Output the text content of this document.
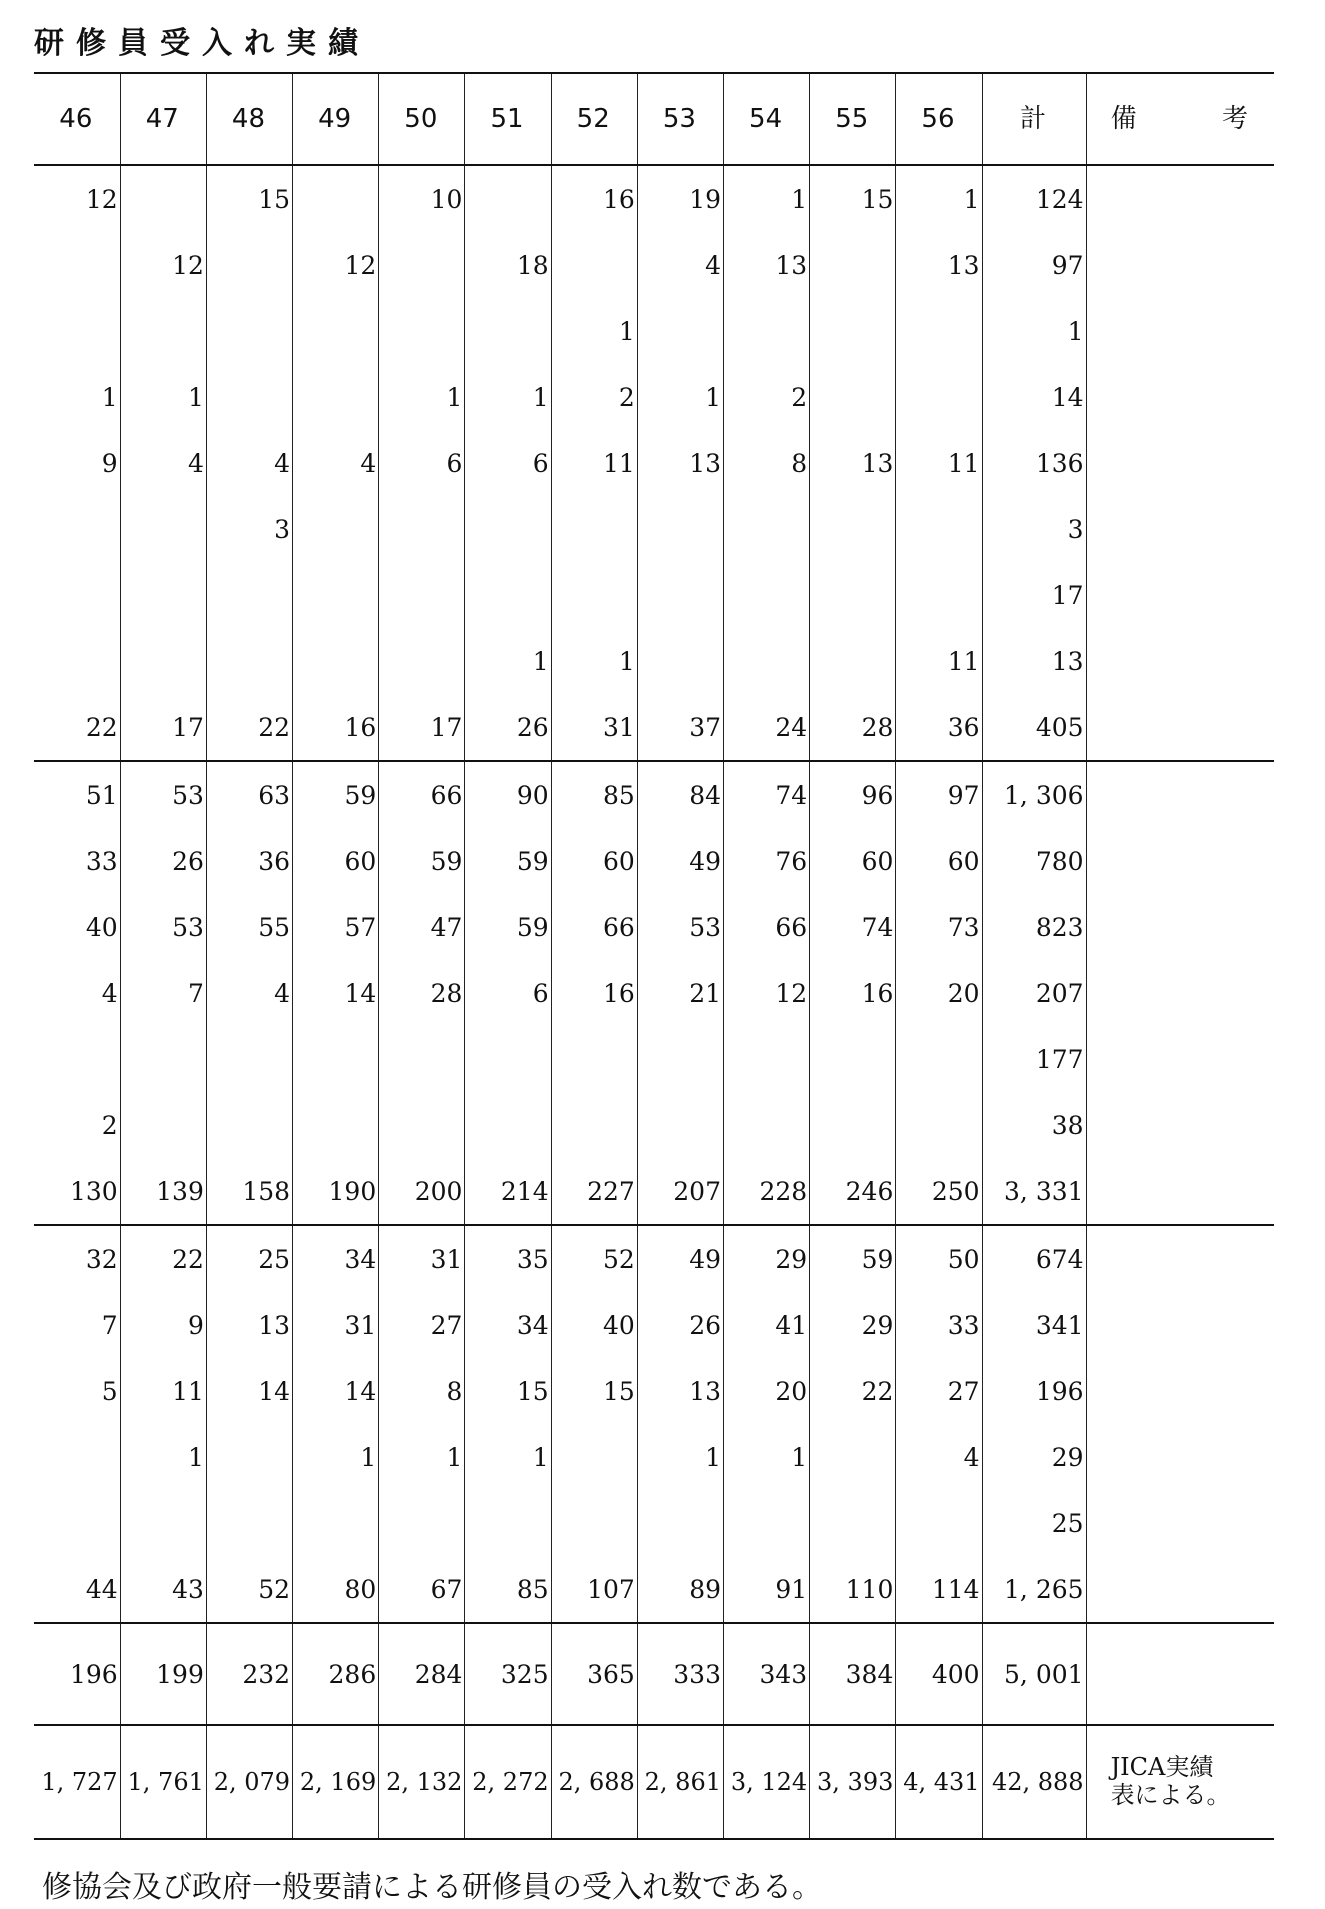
研修員受入れ実績
46	47	48	49	50	51	52	53	54	55	56	計	備 考

12		15		10		16	19	1	15	1	124	
	12		12		18		4	13		13	97	
						1					1	
1	1			1	1	2	1	2			14	
9	4	4	4	6	6	11	13	8	13	11	136	
		3									3	
											17	
					1	1				11	13	
22	17	22	16	17	26	31	37	24	28	36	405	
51	53	63	59	66	90	85	84	74	96	97	1, 306	
33	26	36	60	59	59	60	49	76	60	60	780	
40	53	55	57	47	59	66	53	66	74	73	823	
4	7	4	14	28	6	16	21	12	16	20	207	
											177	
2											38	
130	139	158	190	200	214	227	207	228	246	250	3, 331	
32	22	25	34	31	35	52	49	29	59	50	674	
7	9	13	31	27	34	40	26	41	29	33	341	
5	11	14	14	8	15	15	13	20	22	27	196	
	1		1	1	1		1	1		4	29	
											25	
44	43	52	80	67	85	107	89	91	110	114	1, 265	
196	199	232	286	284	325	365	333	343	384	400	5, 001	
1, 727	1, 761	2, 079	2, 169	2, 132	2, 272	2, 688	2, 861	3, 124	3, 393	4, 431	42, 888	JICA実績
表による。
修協会及び政府一般要請による研修員の受入れ数である。
